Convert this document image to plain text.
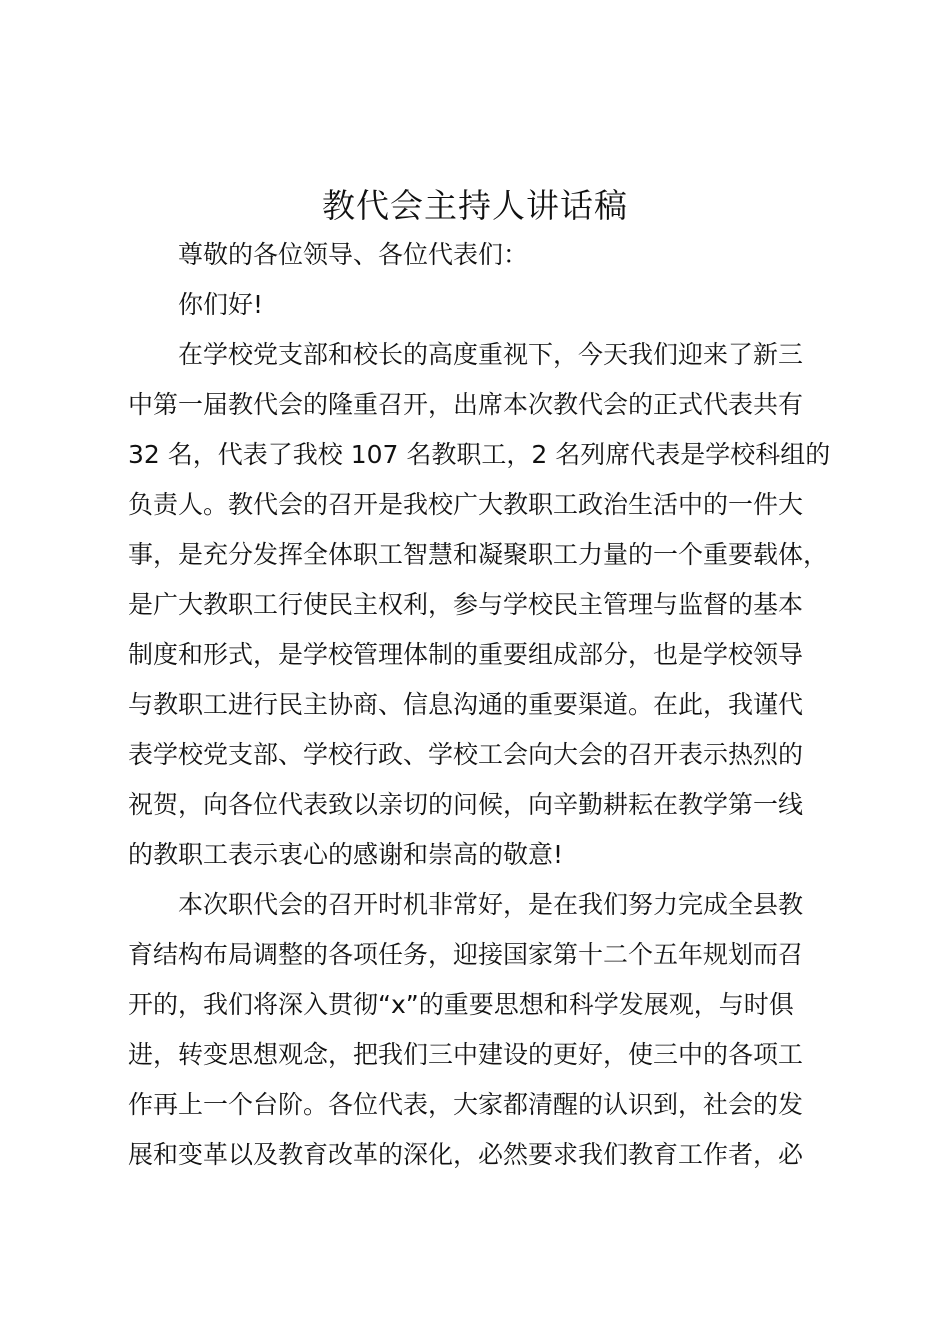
教代会主持人讲话稿

尊敬的各位领导、各位代表们：

你们好!

在学校党支部和校长的高度重视下，今天我们迎来了新三

中第一届教代会的隆重召开，出席本次教代会的正式代表共有

32 名，代表了我校 107 名教职工，2 名列席代表是学校科组的

负责人。教代会的召开是我校广大教职工政治生活中的一件大

事，是充分发挥全体职工智慧和凝聚职工力量的一个重要载体，

是广大教职工行使民主权利，参与学校民主管理与监督的基本

制度和形式，是学校管理体制的重要组成部分，也是学校领导

与教职工进行民主协商、信息沟通的重要渠道。在此，我谨代

表学校党支部、学校行政、学校工会向大会的召开表示热烈的

祝贺，向各位代表致以亲切的问候，向辛勤耕耘在教学第一线

的教职工表示衷心的感谢和崇高的敬意!

本次职代会的召开时机非常好，是在我们努力完成全县教

育结构布局调整的各项任务，迎接国家第十二个五年规划而召

开的，我们将深入贯彻“x”的重要思想和科学发展观，与时俱

进，转变思想观念，把我们三中建设的更好，使三中的各项工

作再上一个台阶。各位代表，大家都清醒的认识到，社会的发

展和变革以及教育改革的深化，必然要求我们教育工作者，必
